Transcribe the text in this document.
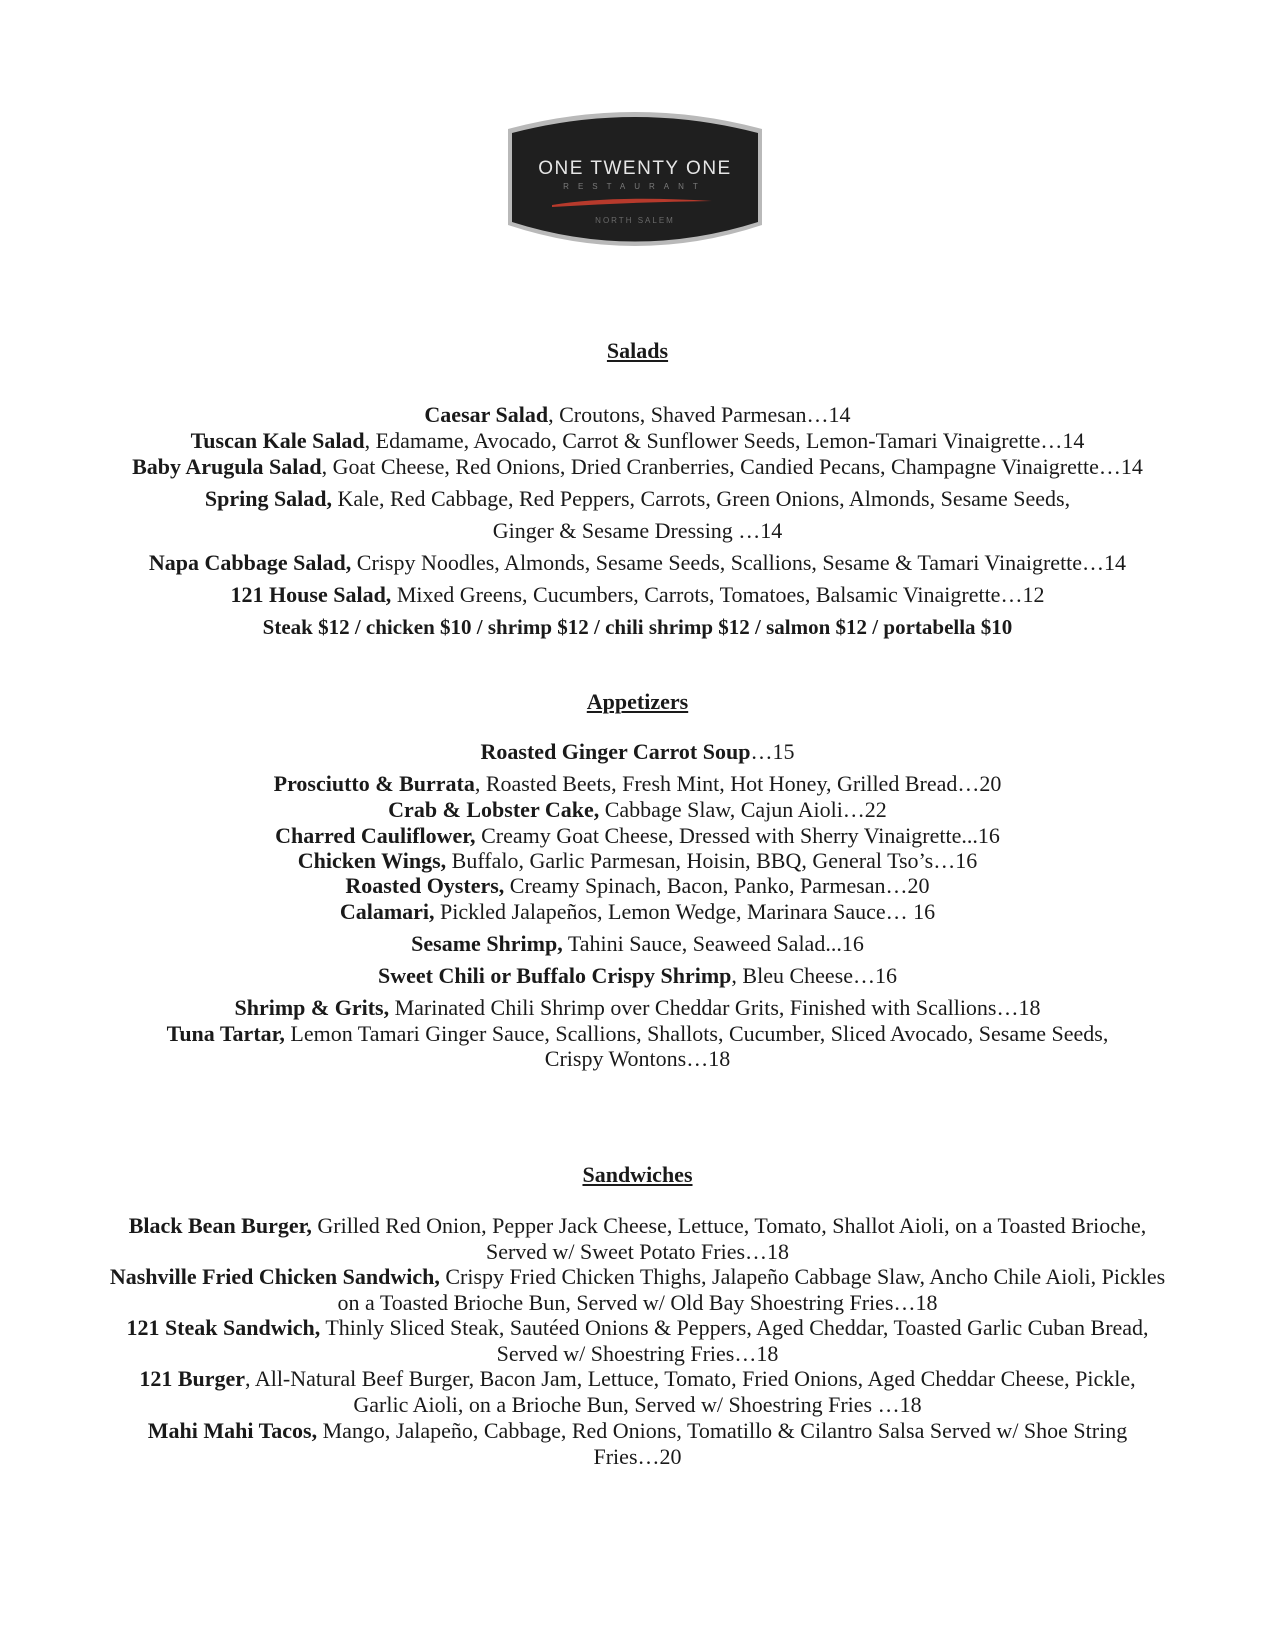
ONE TWENTY ONE
RESTAURANT
NORTH SALEM
Salads
Caesar Salad, Croutons, Shaved Parmesan…14
Tuscan Kale Salad, Edamame, Avocado, Carrot & Sunflower Seeds, Lemon-Tamari Vinaigrette…14
Baby Arugula Salad, Goat Cheese, Red Onions, Dried Cranberries, Candied Pecans, Champagne Vinaigrette…14
Spring Salad, Kale, Red Cabbage, Red Peppers, Carrots, Green Onions, Almonds, Sesame Seeds,
Ginger & Sesame Dressing …14
Napa Cabbage Salad, Crispy Noodles, Almonds, Sesame Seeds, Scallions, Sesame & Tamari Vinaigrette…14
121 House Salad, Mixed Greens, Cucumbers, Carrots, Tomatoes, Balsamic Vinaigrette…12
Steak $12 / chicken $10 / shrimp $12 / chili shrimp $12 / salmon $12 / portabella $10
Appetizers
Roasted Ginger Carrot Soup…15
Prosciutto & Burrata, Roasted Beets, Fresh Mint, Hot Honey, Grilled Bread…20
Crab & Lobster Cake, Cabbage Slaw, Cajun Aioli…22
Charred Cauliflower, Creamy Goat Cheese, Dressed with Sherry Vinaigrette...16
Chicken Wings, Buffalo, Garlic Parmesan, Hoisin, BBQ, General Tso’s…16
Roasted Oysters, Creamy Spinach, Bacon, Panko, Parmesan…20
Calamari, Pickled Jalapeños, Lemon Wedge, Marinara Sauce… 16
Sesame Shrimp, Tahini Sauce, Seaweed Salad...16
Sweet Chili or Buffalo Crispy Shrimp, Bleu Cheese…16
Shrimp & Grits, Marinated Chili Shrimp over Cheddar Grits, Finished with Scallions…18
Tuna Tartar, Lemon Tamari Ginger Sauce, Scallions, Shallots, Cucumber, Sliced Avocado, Sesame Seeds,
Crispy Wontons…18
Sandwiches
Black Bean Burger, Grilled Red Onion, Pepper Jack Cheese, Lettuce, Tomato, Shallot Aioli, on a Toasted Brioche,
Served w/ Sweet Potato Fries…18
Nashville Fried Chicken Sandwich, Crispy Fried Chicken Thighs, Jalapeño Cabbage Slaw, Ancho Chile Aioli, Pickles
on a Toasted Brioche Bun, Served w/ Old Bay Shoestring Fries…18
121 Steak Sandwich, Thinly Sliced Steak, Sautéed Onions & Peppers, Aged Cheddar, Toasted Garlic Cuban Bread,
Served w/ Shoestring Fries…18
121 Burger, All-Natural Beef Burger, Bacon Jam, Lettuce, Tomato, Fried Onions, Aged Cheddar Cheese, Pickle,
Garlic Aioli, on a Brioche Bun, Served w/ Shoestring Fries …18
Mahi Mahi Tacos, Mango, Jalapeño, Cabbage, Red Onions, Tomatillo & Cilantro Salsa Served w/ Shoe String
Fries…20
